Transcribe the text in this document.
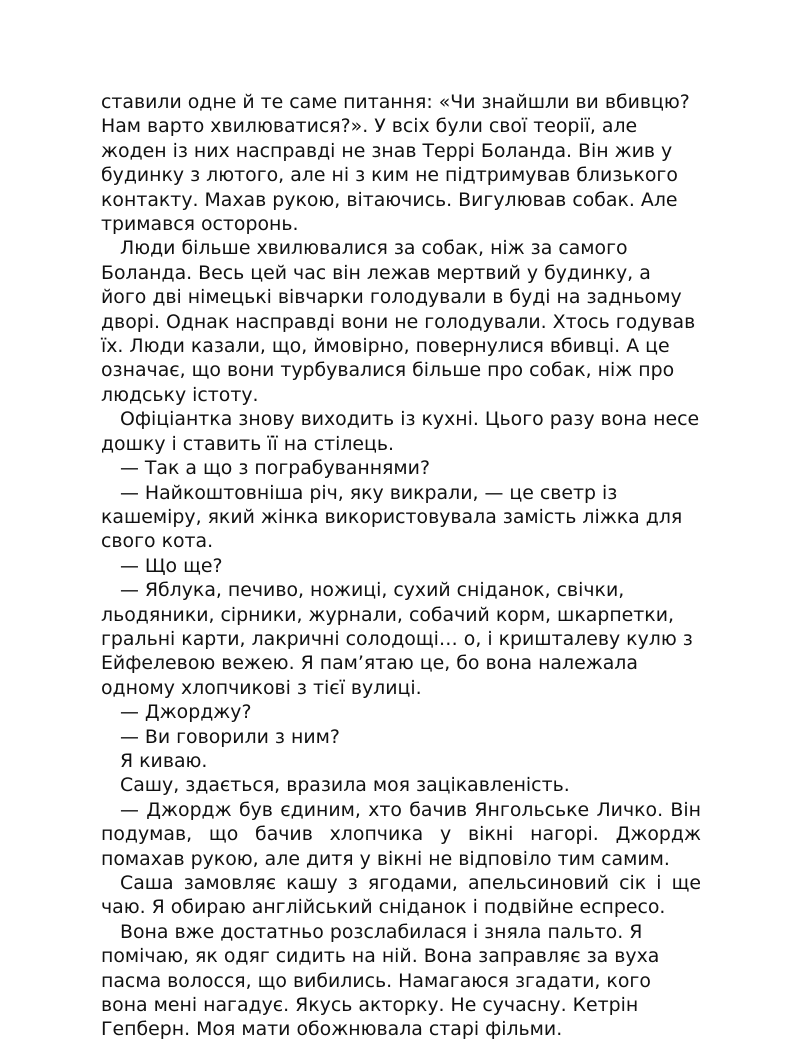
ставили одне й те саме питання: «Чи знайшли ви вбивцю? Нам варто хвилюватися?». У всіх були свої теорії, але жоден із них насправді не знав Террі Боланда. Він жив у будинку з лютого, але ні з ким не підтримував близького контакту. Махав рукою, вітаючись. Вигулював собак. Але тримався осторонь.

Люди більше хвилювалися за собак, ніж за самого Боланда. Весь цей час він лежав мертвий у будинку, а його дві німецькі вівчарки голодували в буді на задньому дворі. Однак насправді вони не голодували. Хтось годував їх. Люди казали, що, ймовірно, повернулися вбивці. А це означає, що вони турбувалися більше про собак, ніж про людську істоту.

Офіціантка знову виходить із кухні. Цього разу вона несе дошку і ставить її на стілець.

— Так а що з пограбуваннями?

— Найкоштовніша річ, яку викрали, — це светр із кашеміру, який жінка використовувала замість ліжка для свого кота.

— Що ще?

— Яблука, печиво, ножиці, сухий сніданок, свічки, льодяники, сірники, журнали, собачий корм, шкарпетки, гральні карти, лакричні солодощі… о, і кришталеву кулю з Ейфелевою вежею. Я пам’ятаю це, бо вона належала одному хлопчикові з тієї вулиці.

— Джорджу?

— Ви говорили з ним?

Я киваю.

Сашу, здається, вразила моя зацікавленість.

— Джордж був єдиним, хто бачив Янгольське Личко. Він подумав, що бачив хлопчика у вікні нагорі. Джордж помахав рукою, але дитя у вікні не відповіло тим самим.

Саша замовляє кашу з ягодами, апельсиновий сік і ще чаю. Я обираю англійський сніданок і подвійне еспресо.

Вона вже достатньо розслабилася і зняла пальто. Я помічаю, як одяг сидить на ній. Вона заправляє за вуха пасма волосся, що вибились. Намагаюся згадати, кого вона мені нагадує. Якусь акторку. Не сучасну. Кетрін Гепберн. Моя мати обожнювала старі фільми.
